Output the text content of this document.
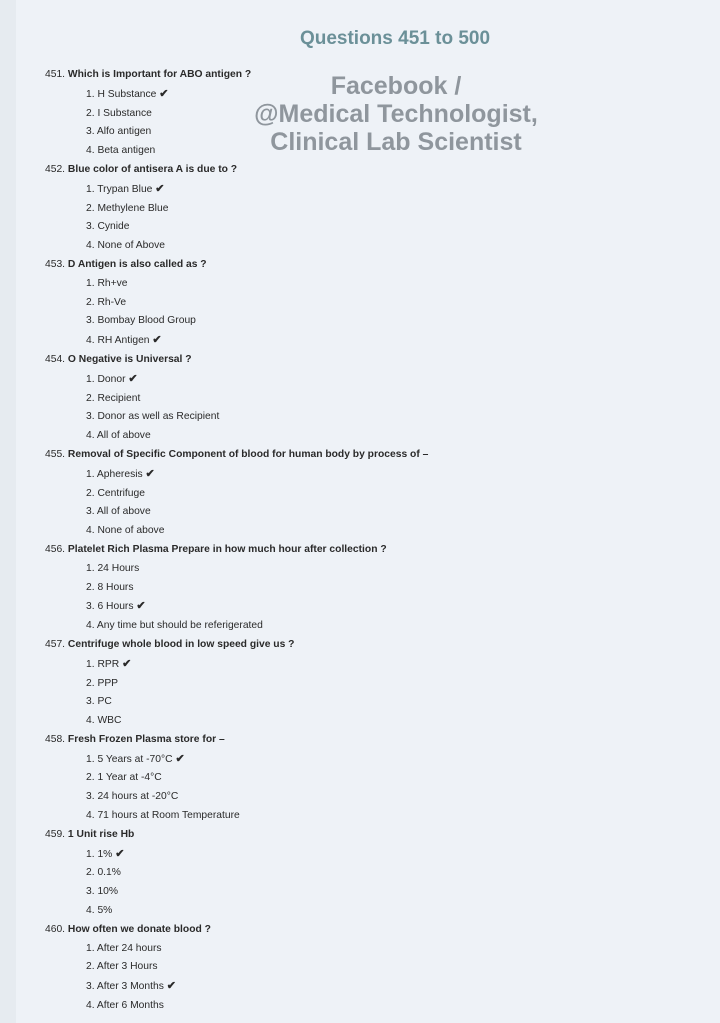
Questions 451 to 500
Facebook /
@Medical Technologist,
Clinical Lab Scientist
451. Which is Important for ABO antigen ?
1. H Substance ✔
2. I Substance
3. Alfo antigen
4. Beta antigen
452. Blue color of antisera A is due to ?
1. Trypan Blue ✔
2. Methylene Blue
3. Cynide
4. None of Above
453. D Antigen is also called as ?
1. Rh+ve
2. Rh-Ve
3. Bombay Blood Group
4. RH Antigen ✔
454. O Negative is Universal ?
1. Donor ✔
2. Recipient
3. Donor as well as Recipient
4. All of above
455. Removal of Specific Component of blood for human body by process of –
1. Apheresis ✔
2. Centrifuge
3. All of above
4. None of above
456. Platelet Rich Plasma Prepare in how much hour after collection ?
1. 24 Hours
2. 8 Hours
3. 6 Hours ✔
4. Any time but should be referigerated
457. Centrifuge whole blood in low speed give us ?
1. RPR ✔
2. PPP
3. PC
4. WBC
458. Fresh Frozen Plasma store for –
1. 5 Years at -70°C ✔
2. 1 Year at -4°C
3. 24 hours at -20°C
4. 71 hours at Room Temperature
459. 1 Unit rise Hb
1. 1% ✔
2. 0.1%
3. 10%
4. 5%
460. How often we donate blood ?
1. After 24 hours
2. After 3 Hours
3. After 3 Months ✔
4. After 6 Months
